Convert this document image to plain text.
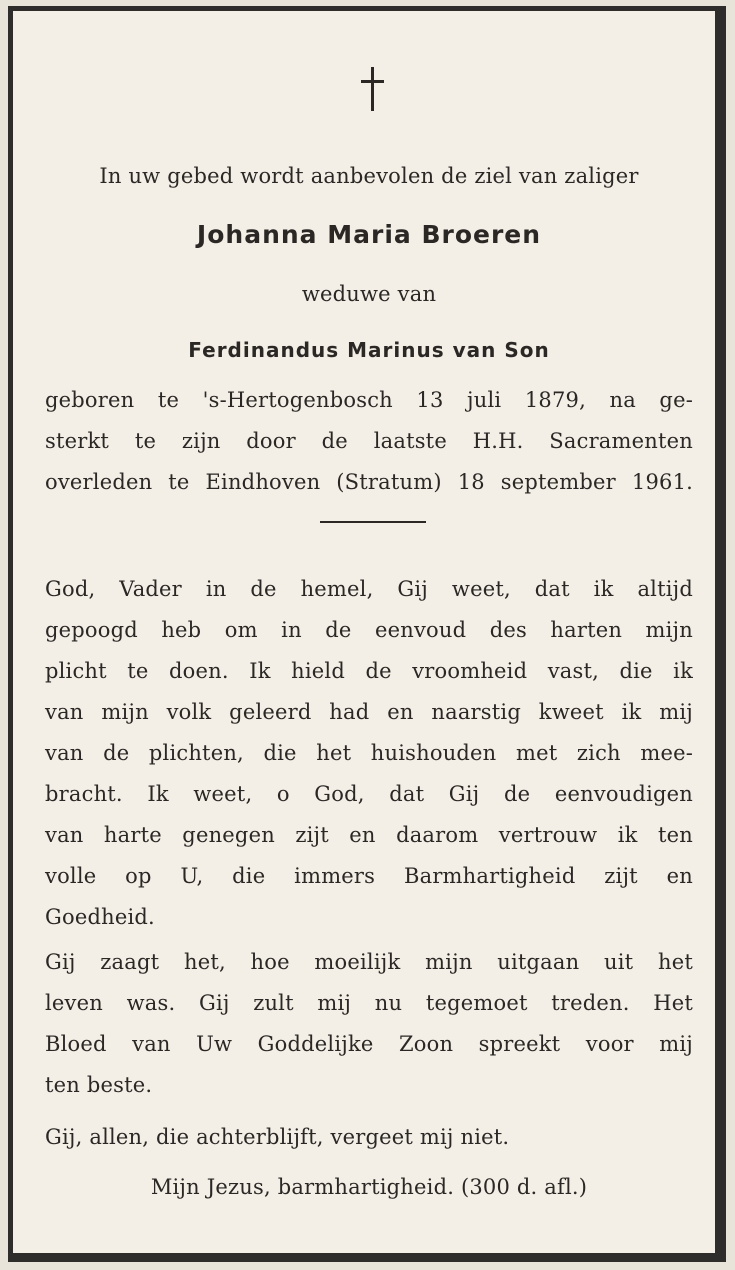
In uw gebed wordt aanbevolen de ziel van zaliger
Johanna Maria Broeren
weduwe van
Ferdinandus Marinus van Son
geboren te 's-Hertogenbosch 13 juli 1879, na ge-
sterkt te zijn door de laatste H.H. Sacramenten
overleden te Eindhoven (Stratum) 18 september 1961.
God, Vader in de hemel, Gij weet, dat ik altijd
gepoogd heb om in de eenvoud des harten mijn
plicht te doen. Ik hield de vroomheid vast, die ik
van mijn volk geleerd had en naarstig kweet ik mij
van de plichten, die het huishouden met zich mee-
bracht. Ik weet, o God, dat Gij de eenvoudigen
van harte genegen zijt en daarom vertrouw ik ten
volle op U, die immers Barmhartigheid zijt en
Goedheid.
Gij zaagt het, hoe moeilijk mijn uitgaan uit het
leven was. Gij zult mij nu tegemoet treden. Het
Bloed van Uw Goddelijke Zoon spreekt voor mij
ten beste.
Gij, allen, die achterblijft, vergeet mij niet.
Mijn Jezus, barmhartigheid. (300 d. afl.)
